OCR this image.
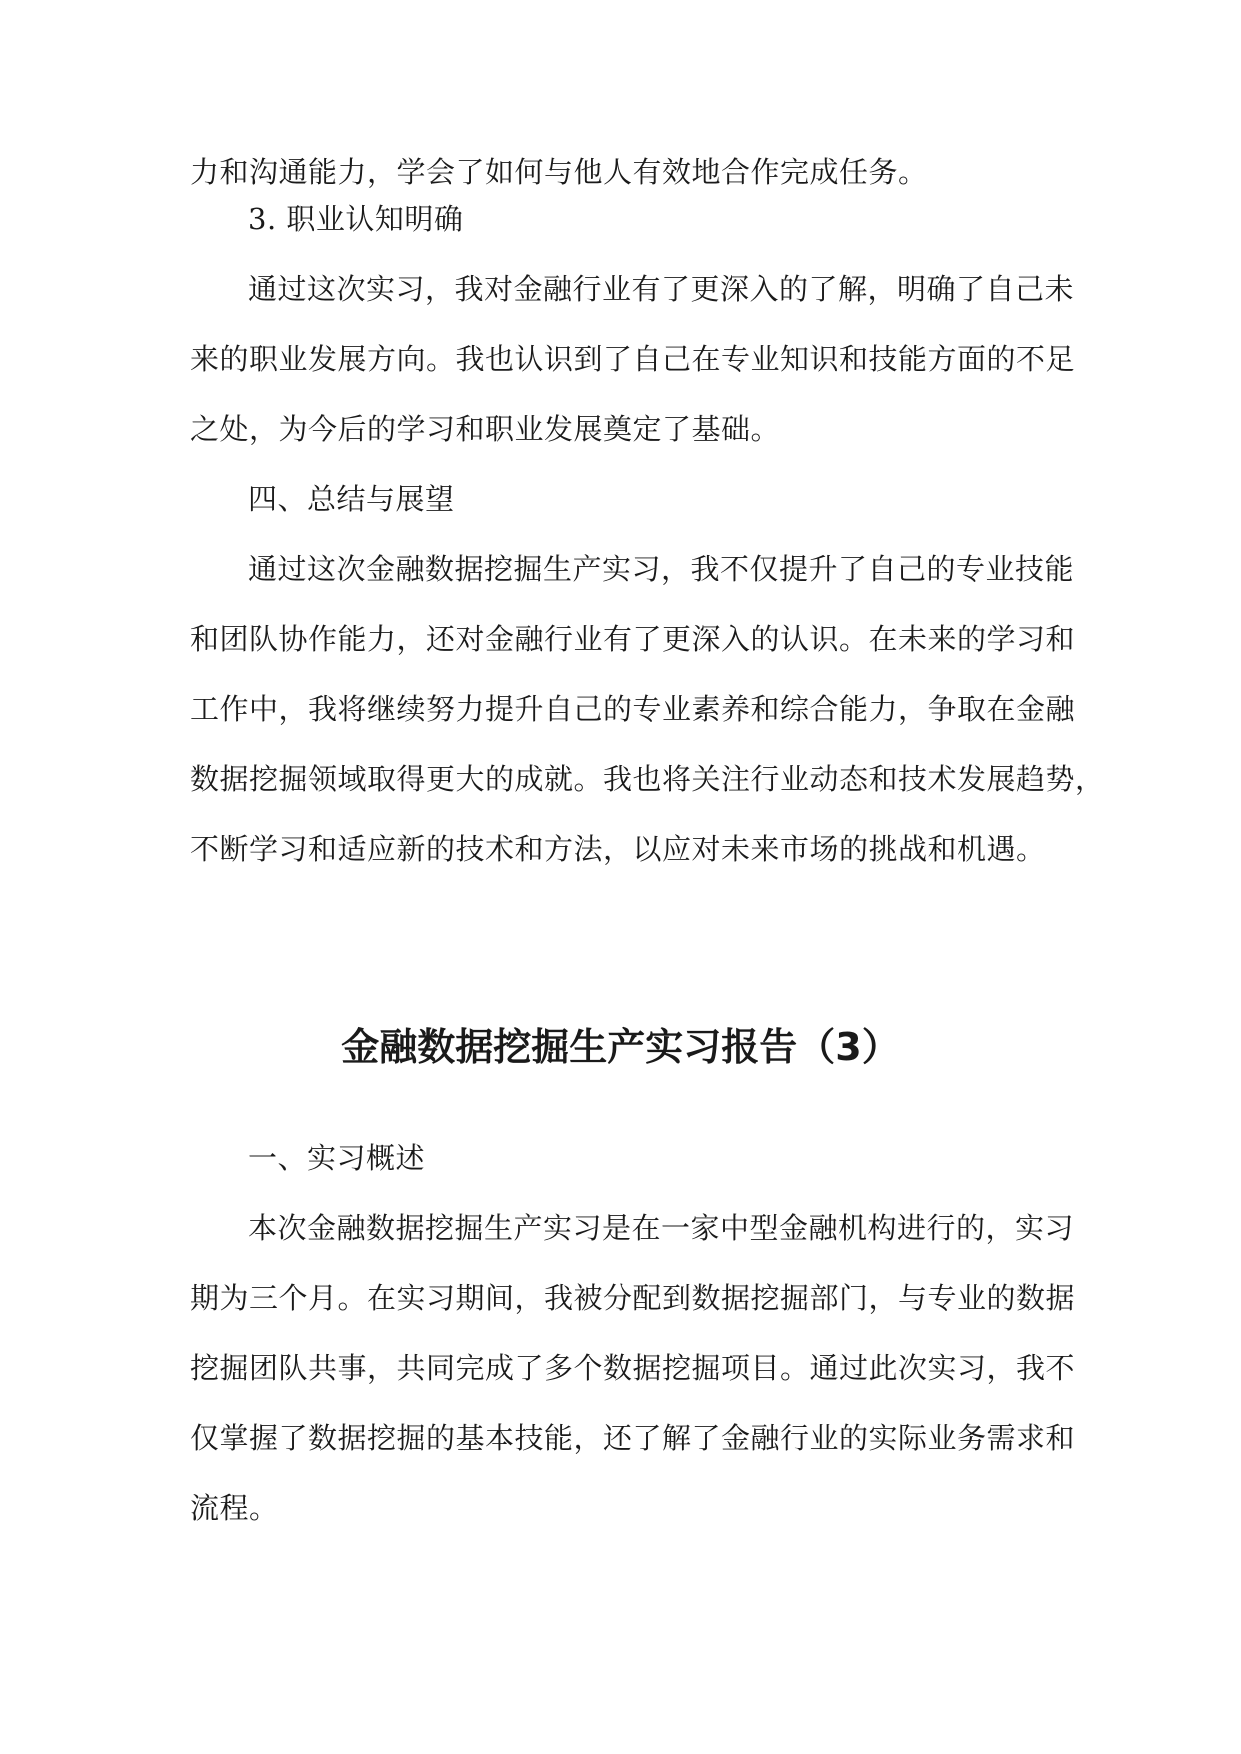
力和沟通能力，学会了如何与他人有效地合作完成任务。
3. 职业认知明确
通过这次实习，我对金融行业有了更深入的了解，明确了自己未
来的职业发展方向。我也认识到了自己在专业知识和技能方面的不足
之处，为今后的学习和职业发展奠定了基础。
四、总结与展望
通过这次金融数据挖掘生产实习，我不仅提升了自己的专业技能
和团队协作能力，还对金融行业有了更深入的认识。在未来的学习和
工作中，我将继续努力提升自己的专业素养和综合能力，争取在金融
数据挖掘领域取得更大的成就。我也将关注行业动态和技术发展趋势，
不断学习和适应新的技术和方法，以应对未来市场的挑战和机遇。
金融数据挖掘生产实习报告（3）
一、实习概述
本次金融数据挖掘生产实习是在一家中型金融机构进行的，实习
期为三个月。在实习期间，我被分配到数据挖掘部门，与专业的数据
挖掘团队共事，共同完成了多个数据挖掘项目。通过此次实习，我不
仅掌握了数据挖掘的基本技能，还了解了金融行业的实际业务需求和
流程。
